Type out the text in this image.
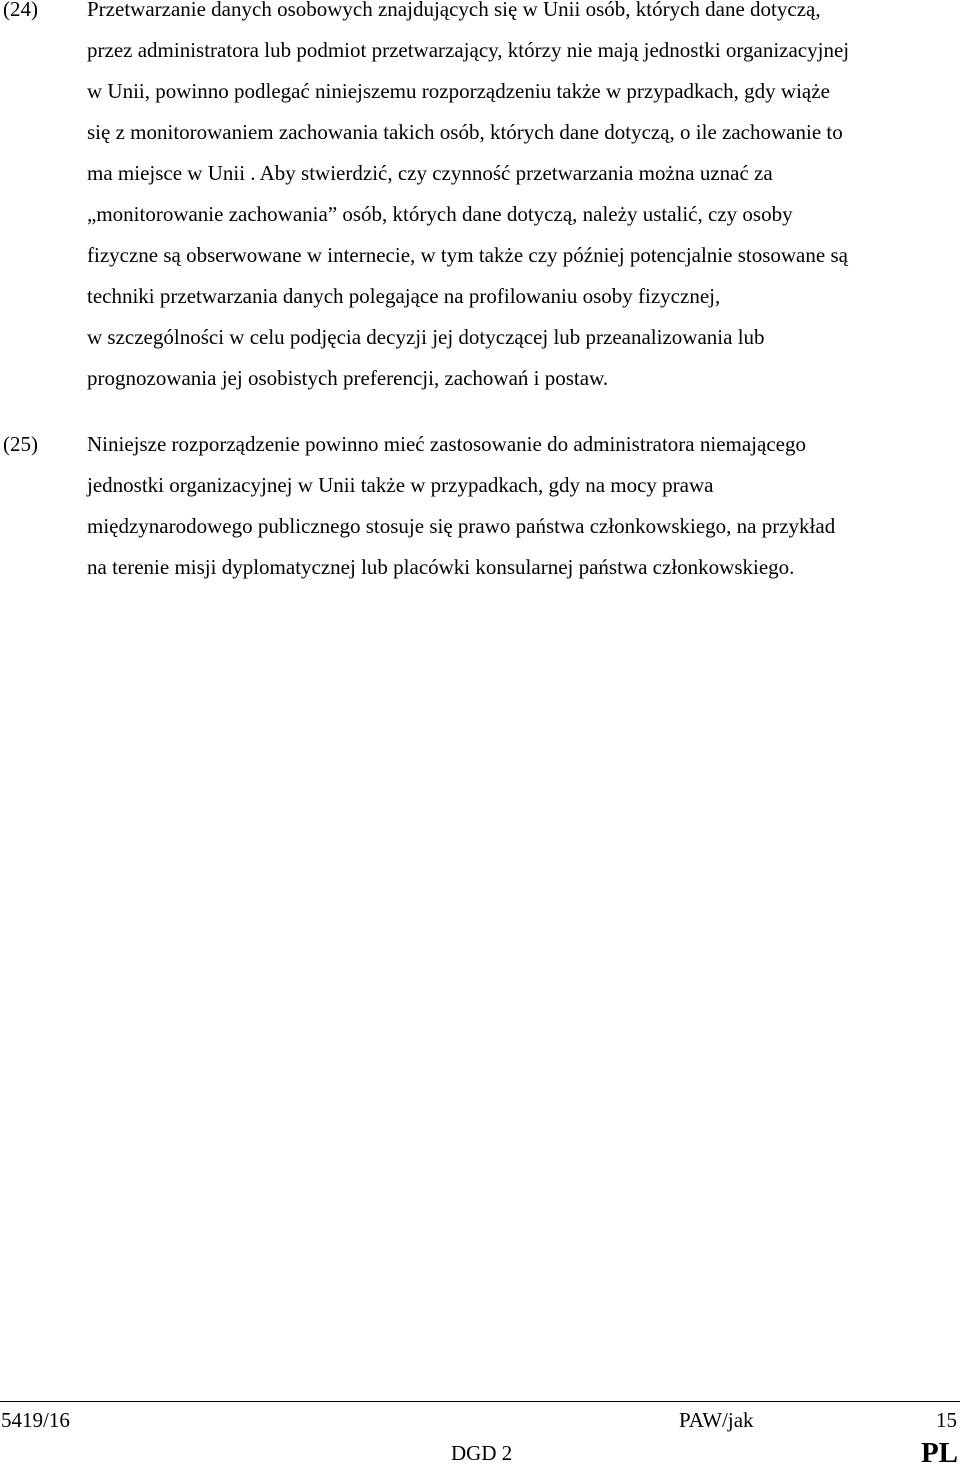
(24) Przetwarzanie danych osobowych znajdujących się w Unii osób, których dane dotyczą,
przez administratora lub podmiot przetwarzający, którzy nie mają jednostki organizacyjnej
w Unii, powinno podlegać niniejszemu rozporządzeniu także w przypadkach, gdy wiąże
się z monitorowaniem zachowania takich osób, których dane dotyczą, o ile zachowanie to
ma miejsce w Unii . Aby stwierdzić, czy czynność przetwarzania można uznać za
„monitorowanie zachowania” osób, których dane dotyczą, należy ustalić, czy osoby
fizyczne są obserwowane w internecie, w tym także czy później potencjalnie stosowane są
techniki przetwarzania danych polegające na profilowaniu osoby fizycznej,
w szczególności w celu podjęcia decyzji jej dotyczącej lub przeanalizowania lub
prognozowania jej osobistych preferencji, zachowań i postaw.
(25) Niniejsze rozporządzenie powinno mieć zastosowanie do administratora niemającego
jednostki organizacyjnej w Unii także w przypadkach, gdy na mocy prawa
międzynarodowego publicznego stosuje się prawo państwa członkowskiego, na przykład
na terenie misji dyplomatycznej lub placówki konsularnej państwa członkowskiego.
5419/16	PAW/jak	15
DGD 2	PL
